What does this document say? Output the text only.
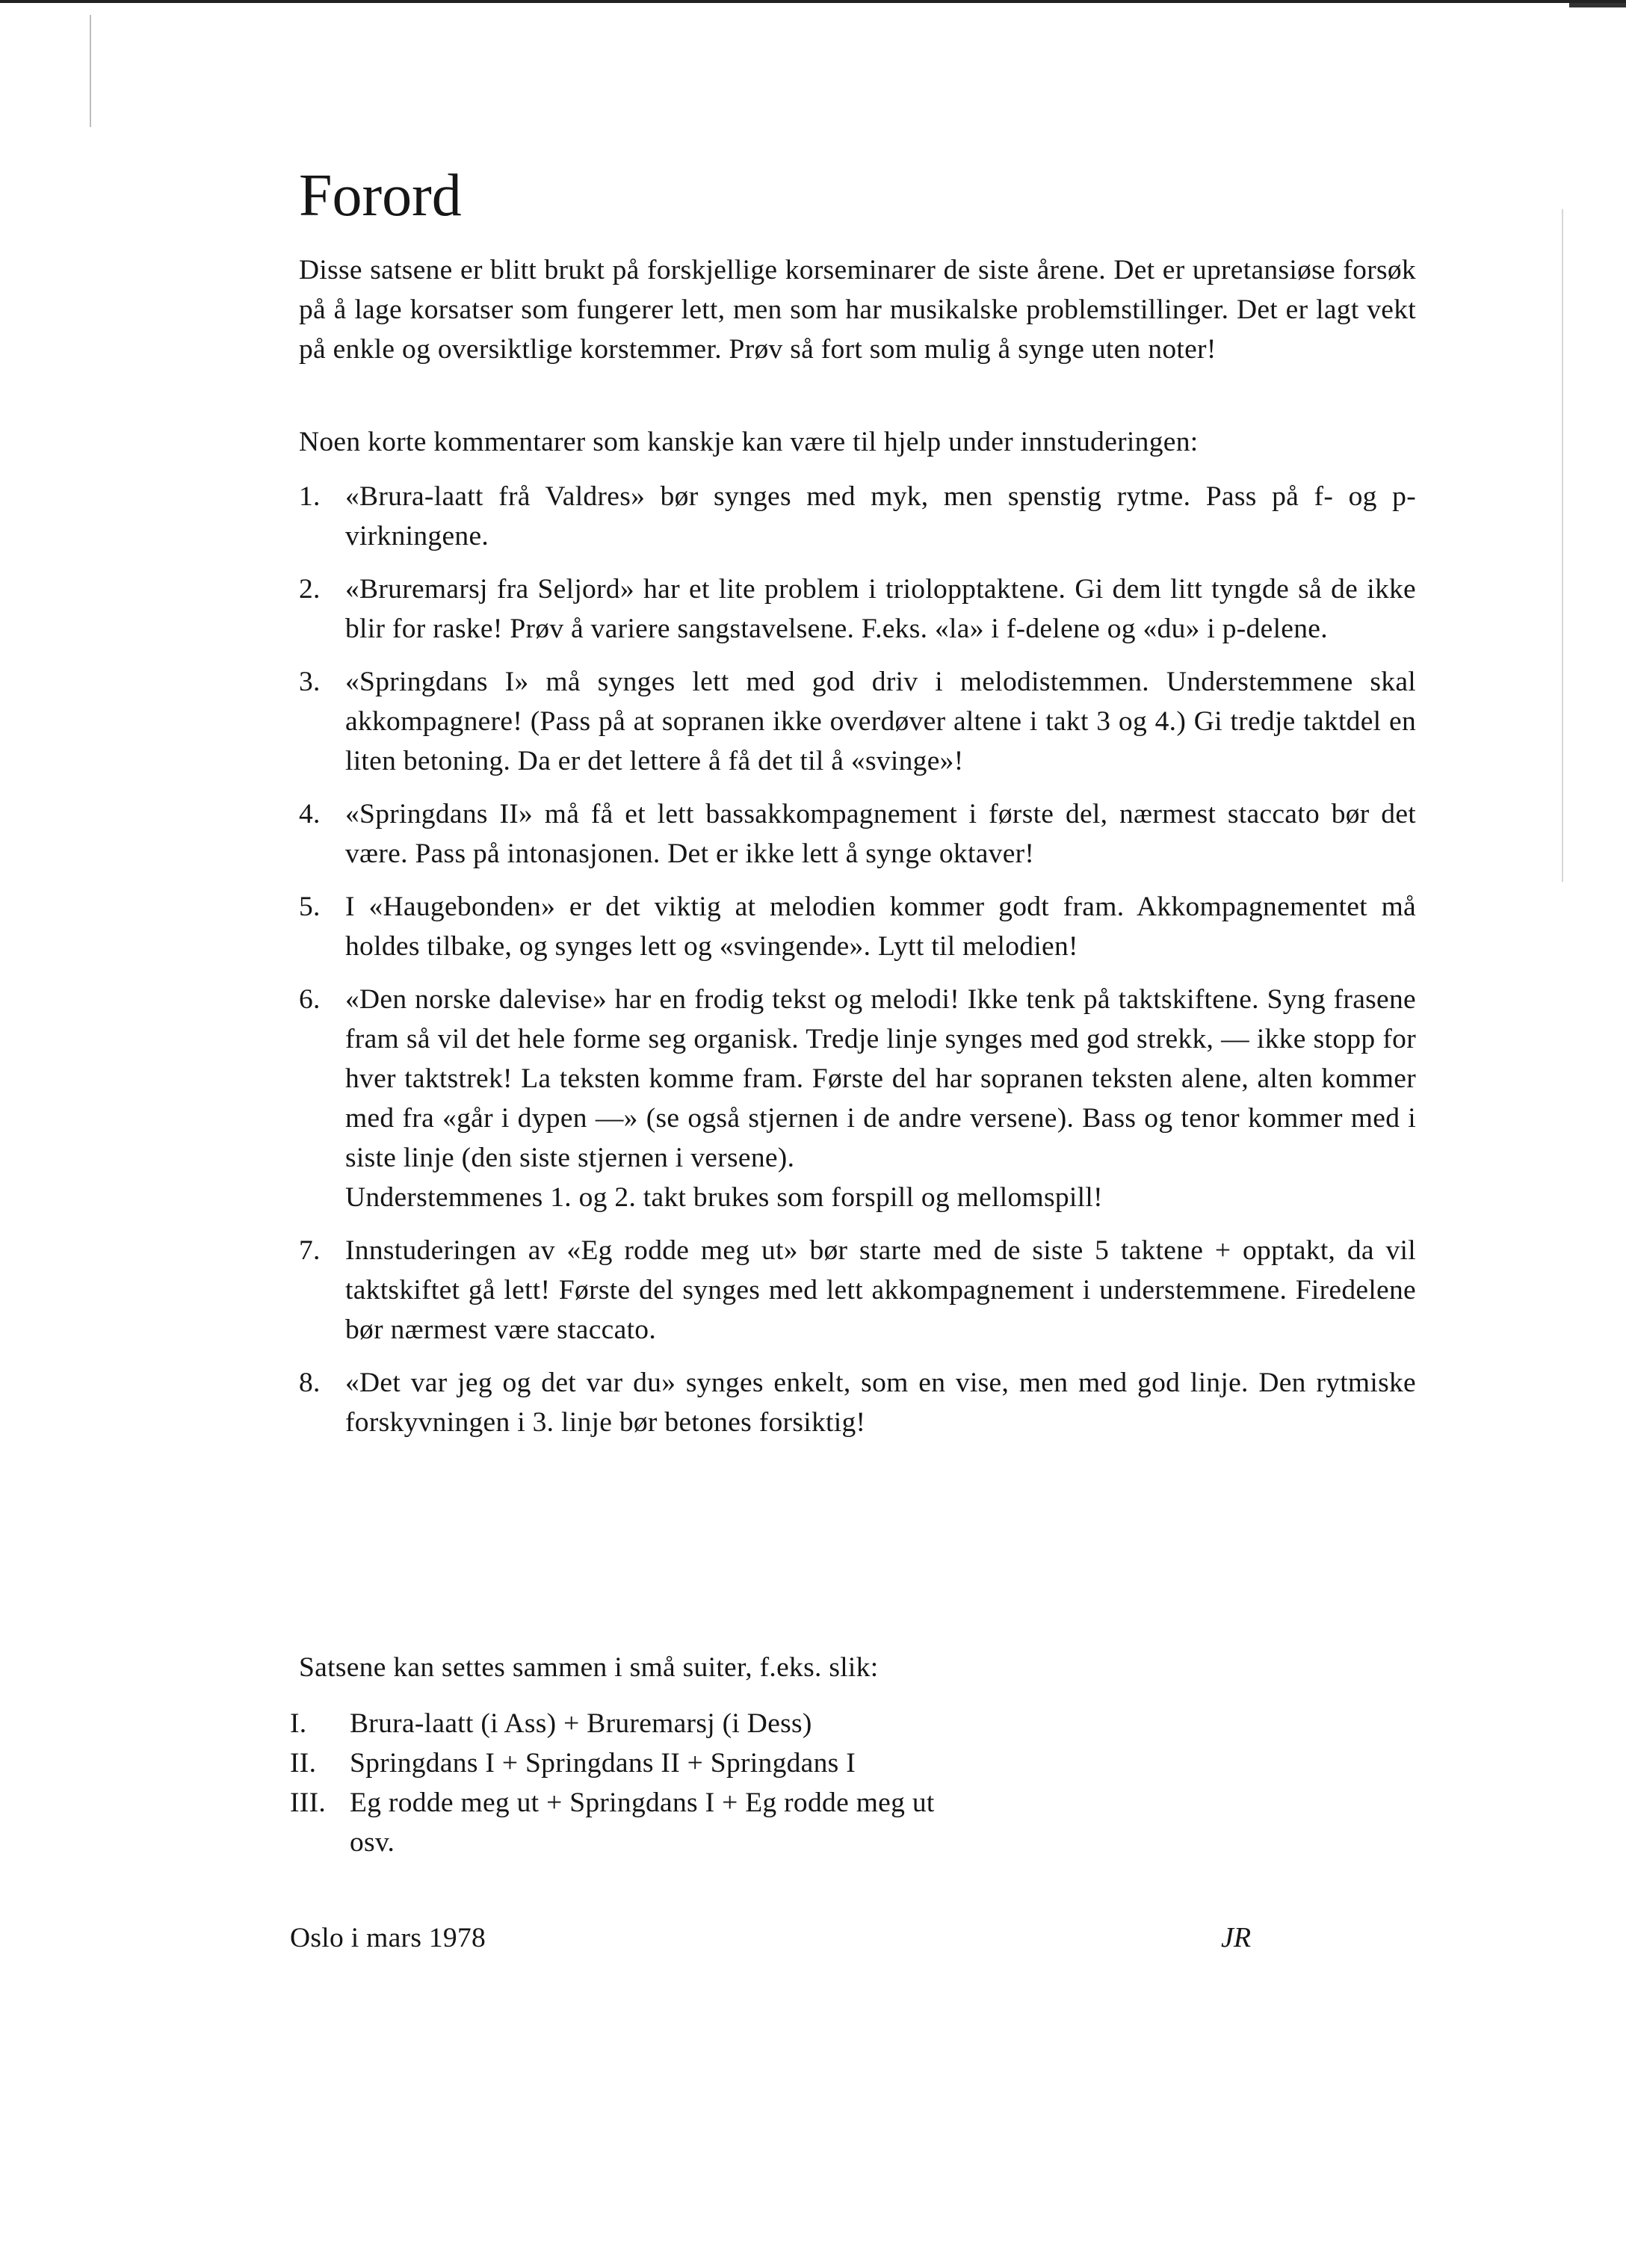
Forord

Disse satsene er blitt brukt på forskjellige korseminarer de siste årene. Det er upretansiøse forsøk på å lage korsatser som fungerer lett, men som har musikalske problemstillinger. Det er lagt vekt på enkle og oversiktlige korstemmer. Prøv så fort som mulig å synge uten noter!

Noen korte kommentarer som kanskje kan være til hjelp under innstuderingen:

1. «Brura-laatt frå Valdres» bør synges med myk, men spenstig rytme. Pass på f- og p-virkningene.
2. «Bruremarsj fra Seljord» har et lite problem i triolopptaktene. Gi dem litt tyngde så de ikke blir for raske! Prøv å variere sangstavelsene. F.eks. «la» i f-delene og «du» i p-delene.
3. «Springdans I» må synges lett med god driv i melodistemmen. Understemmene skal akkompagnere! (Pass på at sopranen ikke overdøver altene i takt 3 og 4.) Gi tredje taktdel en liten betoning. Da er det lettere å få det til å «svinge»!
4. «Springdans II» må få et lett bassakkompagnement i første del, nærmest staccato bør det være. Pass på intonasjonen. Det er ikke lett å synge oktaver!
5. I «Haugebonden» er det viktig at melodien kommer godt fram. Akkompagnementet må holdes tilbake, og synges lett og «svingende». Lytt til melodien!
6. «Den norske dalevise» har en frodig tekst og melodi! Ikke tenk på taktskiftene. Syng frasene fram så vil det hele forme seg organisk. Tredje linje synges med god strekk, — ikke stopp for hver taktstrek! La teksten komme fram. Første del har sopranen teksten alene, alten kommer med fra «går i dypen —» (se også stjernen i de andre versene). Bass og tenor kommer med i siste linje (den siste stjernen i versene).
Understemmenes 1. og 2. takt brukes som forspill og mellomspill!
7. Innstuderingen av «Eg rodde meg ut» bør starte med de siste 5 taktene + opptakt, da vil taktskiftet gå lett! Første del synges med lett akkompagnement i understemmene. Firedelene bør nærmest være staccato.
8. «Det var jeg og det var du» synges enkelt, som en vise, men med god linje. Den rytmiske forskyvningen i 3. linje bør betones forsiktig!

Satsene kan settes sammen i små suiter, f.eks. slik:

I. Brura-laatt (i Ass) + Bruremarsj (i Dess)
II. Springdans I + Springdans II + Springdans I
III. Eg rodde meg ut + Springdans I + Eg rodde meg ut
osv.
Oslo i mars 1978	JR
